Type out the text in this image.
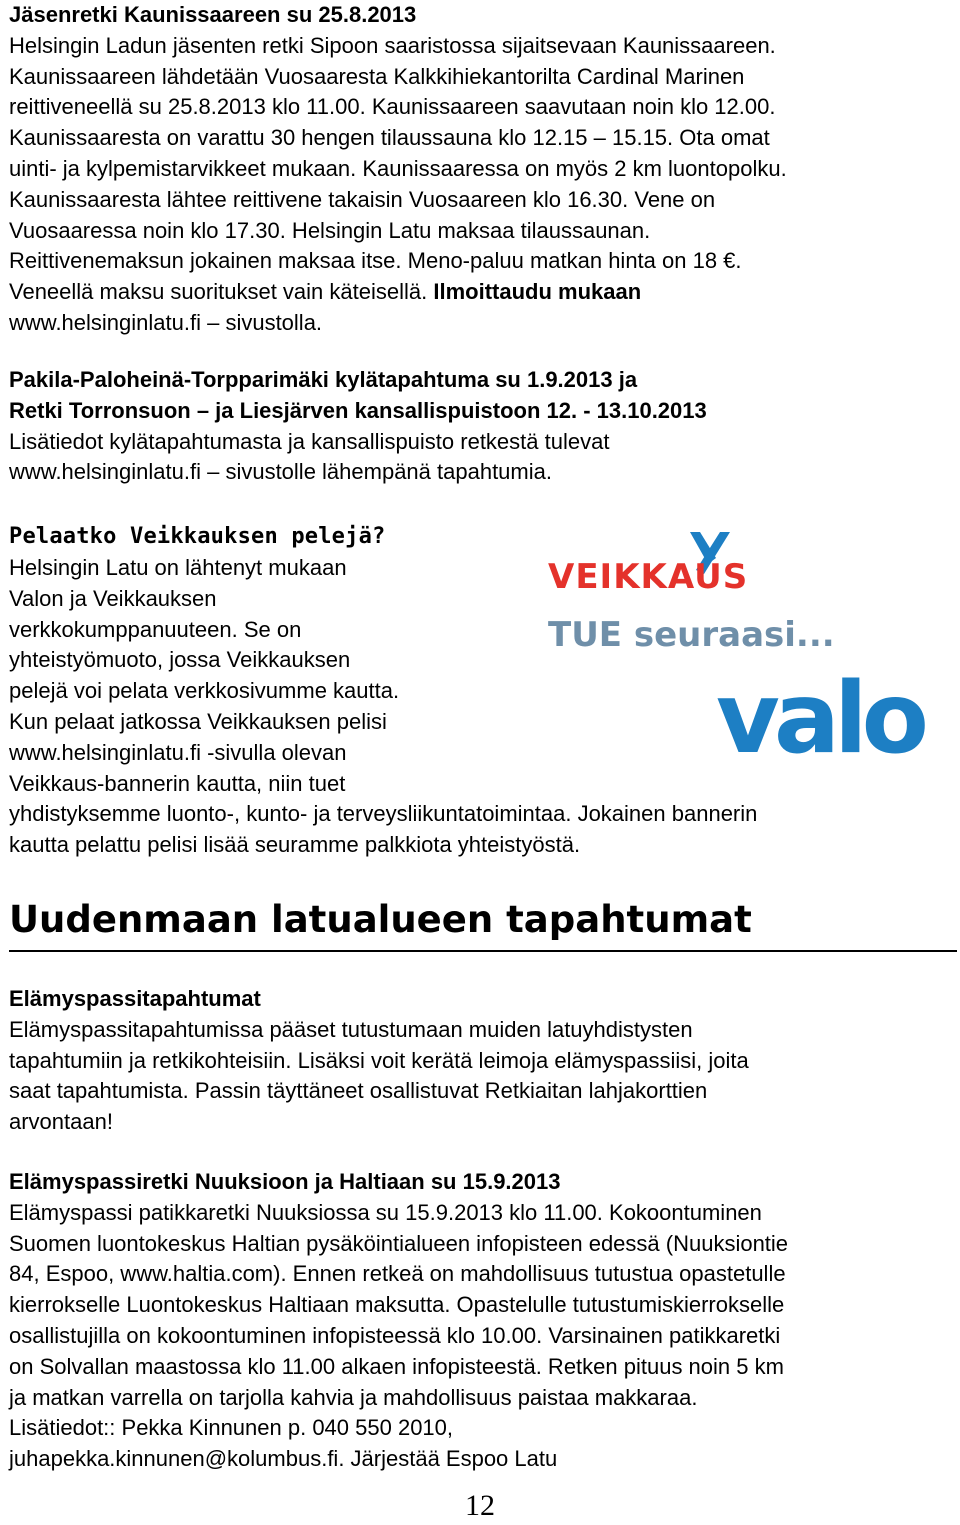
Jäsenretki Kaunissaareen su 25.8.2013

Helsingin Ladun jäsenten retki Sipoon saaristossa sijaitsevaan Kaunissaareen.

Kaunissaareen lähdetään Vuosaaresta Kalkkihiekantorilta Cardinal Marinen

reittiveneellä su 25.8.2013 klo 11.00. Kaunissaareen saavutaan noin klo 12.00.

Kaunissaaresta on varattu 30 hengen tilaussauna klo 12.15 – 15.15. Ota omat

uinti- ja kylpemistarvikkeet mukaan. Kaunissaaressa on myös 2 km luontopolku.

Kaunissaaresta lähtee reittivene takaisin Vuosaareen klo 16.30. Vene on

Vuosaaressa noin klo 17.30. Helsingin Latu maksaa tilaussaunan.

Reittivenemaksun jokainen maksaa itse. Meno-paluu matkan hinta on 18 €.

Veneellä maksu suoritukset vain käteisellä. Ilmoittaudu mukaan

www.helsinginlatu.fi – sivustolla.

Pakila-Paloheinä-Torpparimäki kylätapahtuma su 1.9.2013 ja

Retki Torronsuon – ja Liesjärven kansallispuistoon 12. - 13.10.2013

Lisätiedot kylätapahtumasta ja kansallispuisto retkestä tulevat

www.helsinginlatu.fi – sivustolle lähempänä tapahtumia.

Pelaatko Veikkauksen pelejä?

Helsingin Latu on lähtenyt mukaan

Valon ja Veikkauksen

verkkokumppanuuteen. Se on

yhteistyömuoto, jossa Veikkauksen

pelejä voi pelata verkkosivumme kautta.

Kun pelaat jatkossa Veikkauksen pelisi

www.helsinginlatu.fi -sivulla olevan

Veikkaus-bannerin kautta, niin tuet

yhdistyksemme luonto-, kunto- ja terveysliikuntatoimintaa. Jokainen bannerin

kautta pelattu pelisi lisää seuramme palkkiota yhteistyöstä.

VEIKKAUS
TUE seuraasi...
valo
Uudenmaan latualueen tapahtumat

Elämyspassitapahtumat

Elämyspassitapahtumissa pääset tutustumaan muiden latuyhdistysten

tapahtumiin ja retkikohteisiin. Lisäksi voit kerätä leimoja elämyspassiisi, joita

saat tapahtumista. Passin täyttäneet osallistuvat Retkiaitan lahjakorttien

arvontaan!

Elämyspassiretki Nuuksioon ja Haltiaan su 15.9.2013

Elämyspassi patikkaretki Nuuksiossa su 15.9.2013 klo 11.00. Kokoontuminen

Suomen luontokeskus Haltian pysäköintialueen infopisteen edessä (Nuuksiontie

84, Espoo, www.haltia.com). Ennen retkeä on mahdollisuus tutustua opastetulle

kierrokselle Luontokeskus Haltiaan maksutta. Opastelulle tutustumiskierrokselle

osallistujilla on kokoontuminen infopisteessä klo 10.00. Varsinainen patikkaretki

on Solvallan maastossa klo 11.00 alkaen infopisteestä. Retken pituus noin 5 km

ja matkan varrella on tarjolla kahvia ja mahdollisuus paistaa makkaraa.

Lisätiedot:: Pekka Kinnunen p. 040 550 2010,

juhapekka.kinnunen@kolumbus.fi. Järjestää Espoo Latu

12
